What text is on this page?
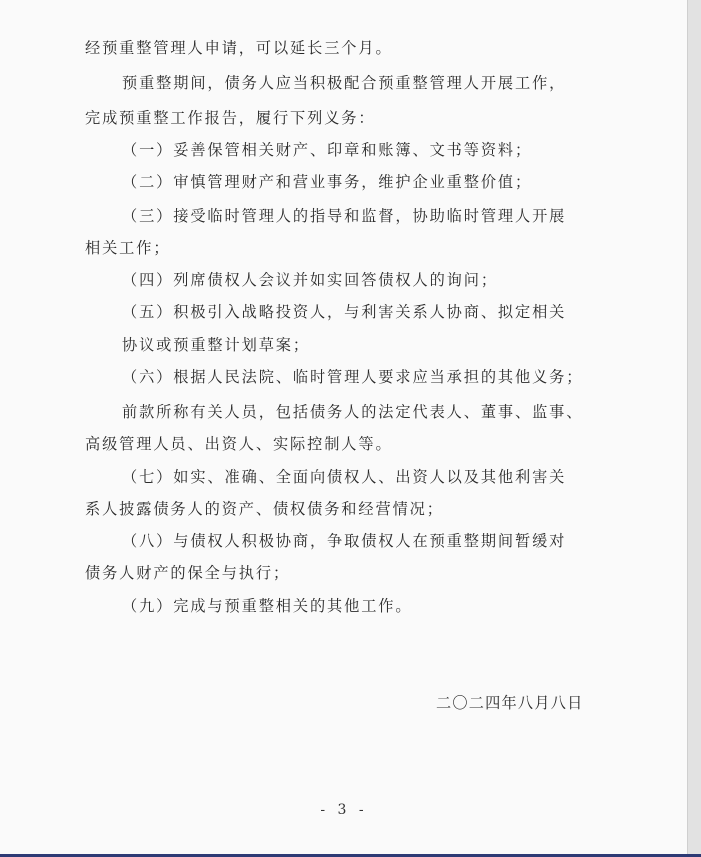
经预重整管理人申请，可以延长三个月。
预重整期间，债务人应当积极配合预重整管理人开展工作，
完成预重整工作报告，履行下列义务：
（一）妥善保管相关财产、印章和账簿、文书等资料；
（二）审慎管理财产和营业事务，维护企业重整价值；
（三）接受临时管理人的指导和监督，协助临时管理人开展
相关工作；
（四）列席债权人会议并如实回答债权人的询问；
（五）积极引入战略投资人，与利害关系人协商、拟定相关
协议或预重整计划草案；
（六）根据人民法院、临时管理人要求应当承担的其他义务；
前款所称有关人员，包括债务人的法定代表人、董事、监事、
高级管理人员、出资人、实际控制人等。
（七）如实、准确、全面向债权人、出资人以及其他利害关
系人披露债务人的资产、债权债务和经营情况；
（八）与债权人积极协商，争取债权人在预重整期间暂缓对
债务人财产的保全与执行；
（九）完成与预重整相关的其他工作。
二〇二四年八月八日
- 3 -
